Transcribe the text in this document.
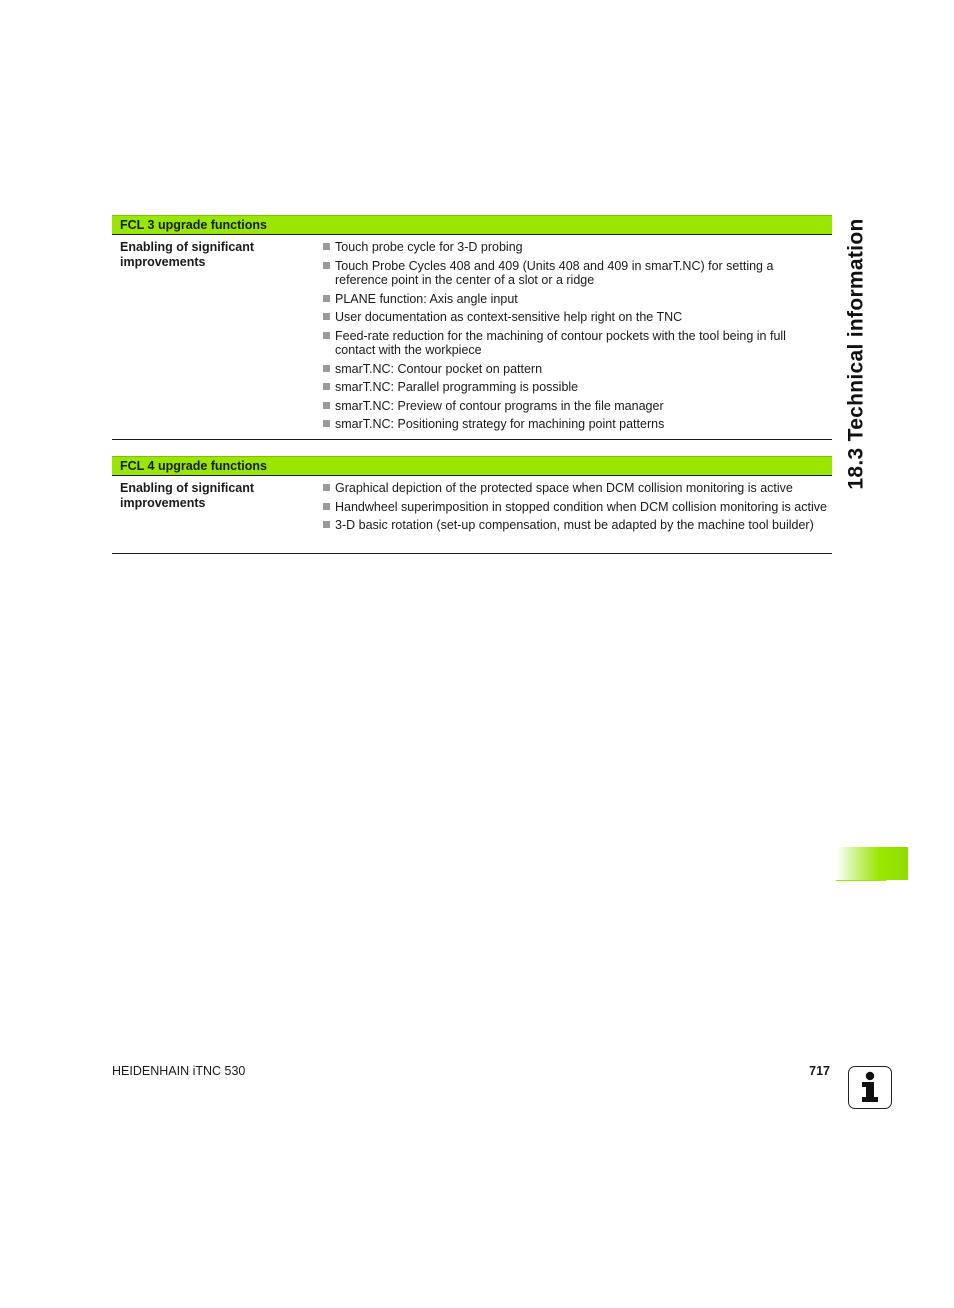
FCL 3 upgrade functions
Enabling of significant improvements
Touch probe cycle for 3-D probing
Touch Probe Cycles 408 and 409 (Units 408 and 409 in smarT.NC) for setting a reference point in the center of a slot or a ridge
PLANE function: Axis angle input
User documentation as context-sensitive help right on the TNC
Feed-rate reduction for the machining of contour pockets with the tool being in full contact with the workpiece
smarT.NC: Contour pocket on pattern
smarT.NC: Parallel programming is possible
smarT.NC: Preview of contour programs in the file manager
smarT.NC: Positioning strategy for machining point patterns
FCL 4 upgrade functions
Enabling of significant improvements
Graphical depiction of the protected space when DCM collision monitoring is active
Handwheel superimposition in stopped condition when DCM collision monitoring is active
3-D basic rotation (set-up compensation, must be adapted by the machine tool builder)
18.3 Technical information
HEIDENHAIN iTNC 530	717
